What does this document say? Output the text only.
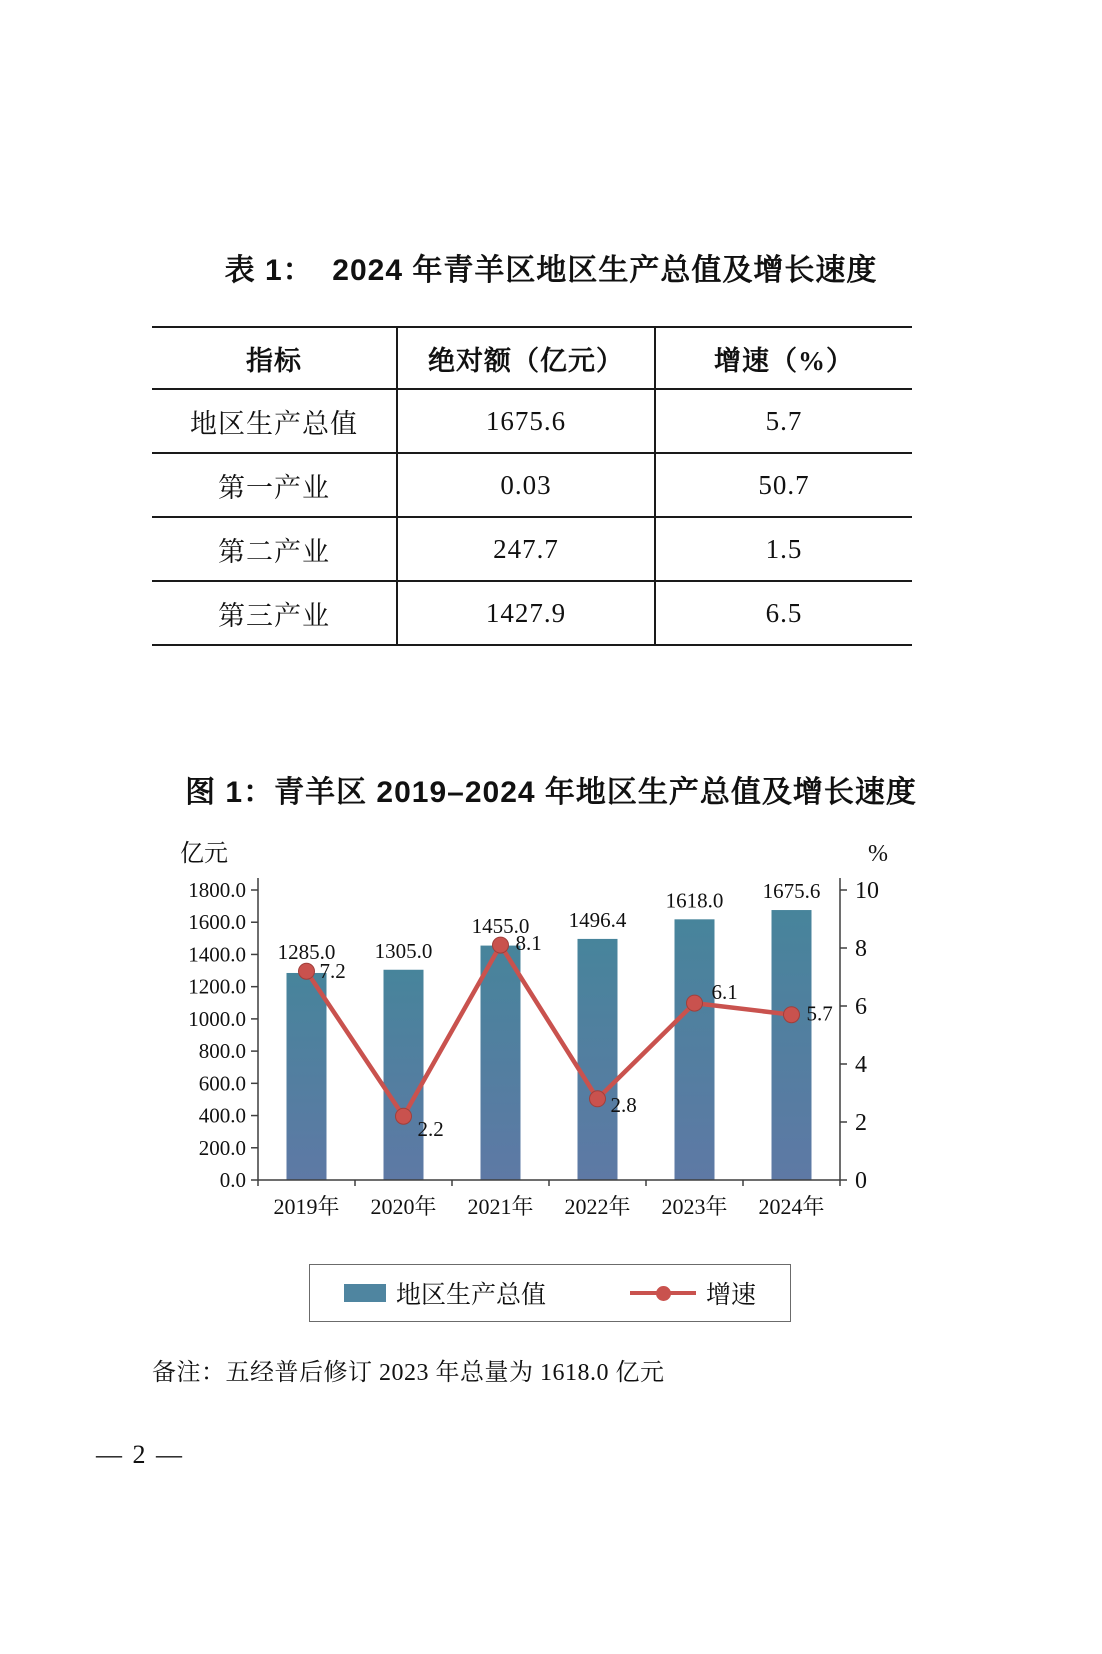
表 1：  2024 年青羊区地区生产总值及增长速度
指标	绝对额（亿元）	增速（%）
地区生产总值	1675.6	5.7
第一产业	0.03	50.7
第二产业	247.7	1.5
第三产业	1427.9	6.5
图 1：青羊区 2019–2024 年地区生产总值及增长速度
亿元	%
0.0
200.0
400.0
600.0
800.0
1000.0
1200.0
1400.0
1600.0
1800.0
0
2
4
6
8
10
2019年 2020年 2021年 2022年 2023年 2024年
1285.0 1305.0
1455.0 1496.4
1618.0 1675.6
7.2
2.2
8.1
2.8
6.1
5.7
地区生产总值	增速

备注：五经普后修订 2023 年总量为 1618.0 亿元

— 2 —
